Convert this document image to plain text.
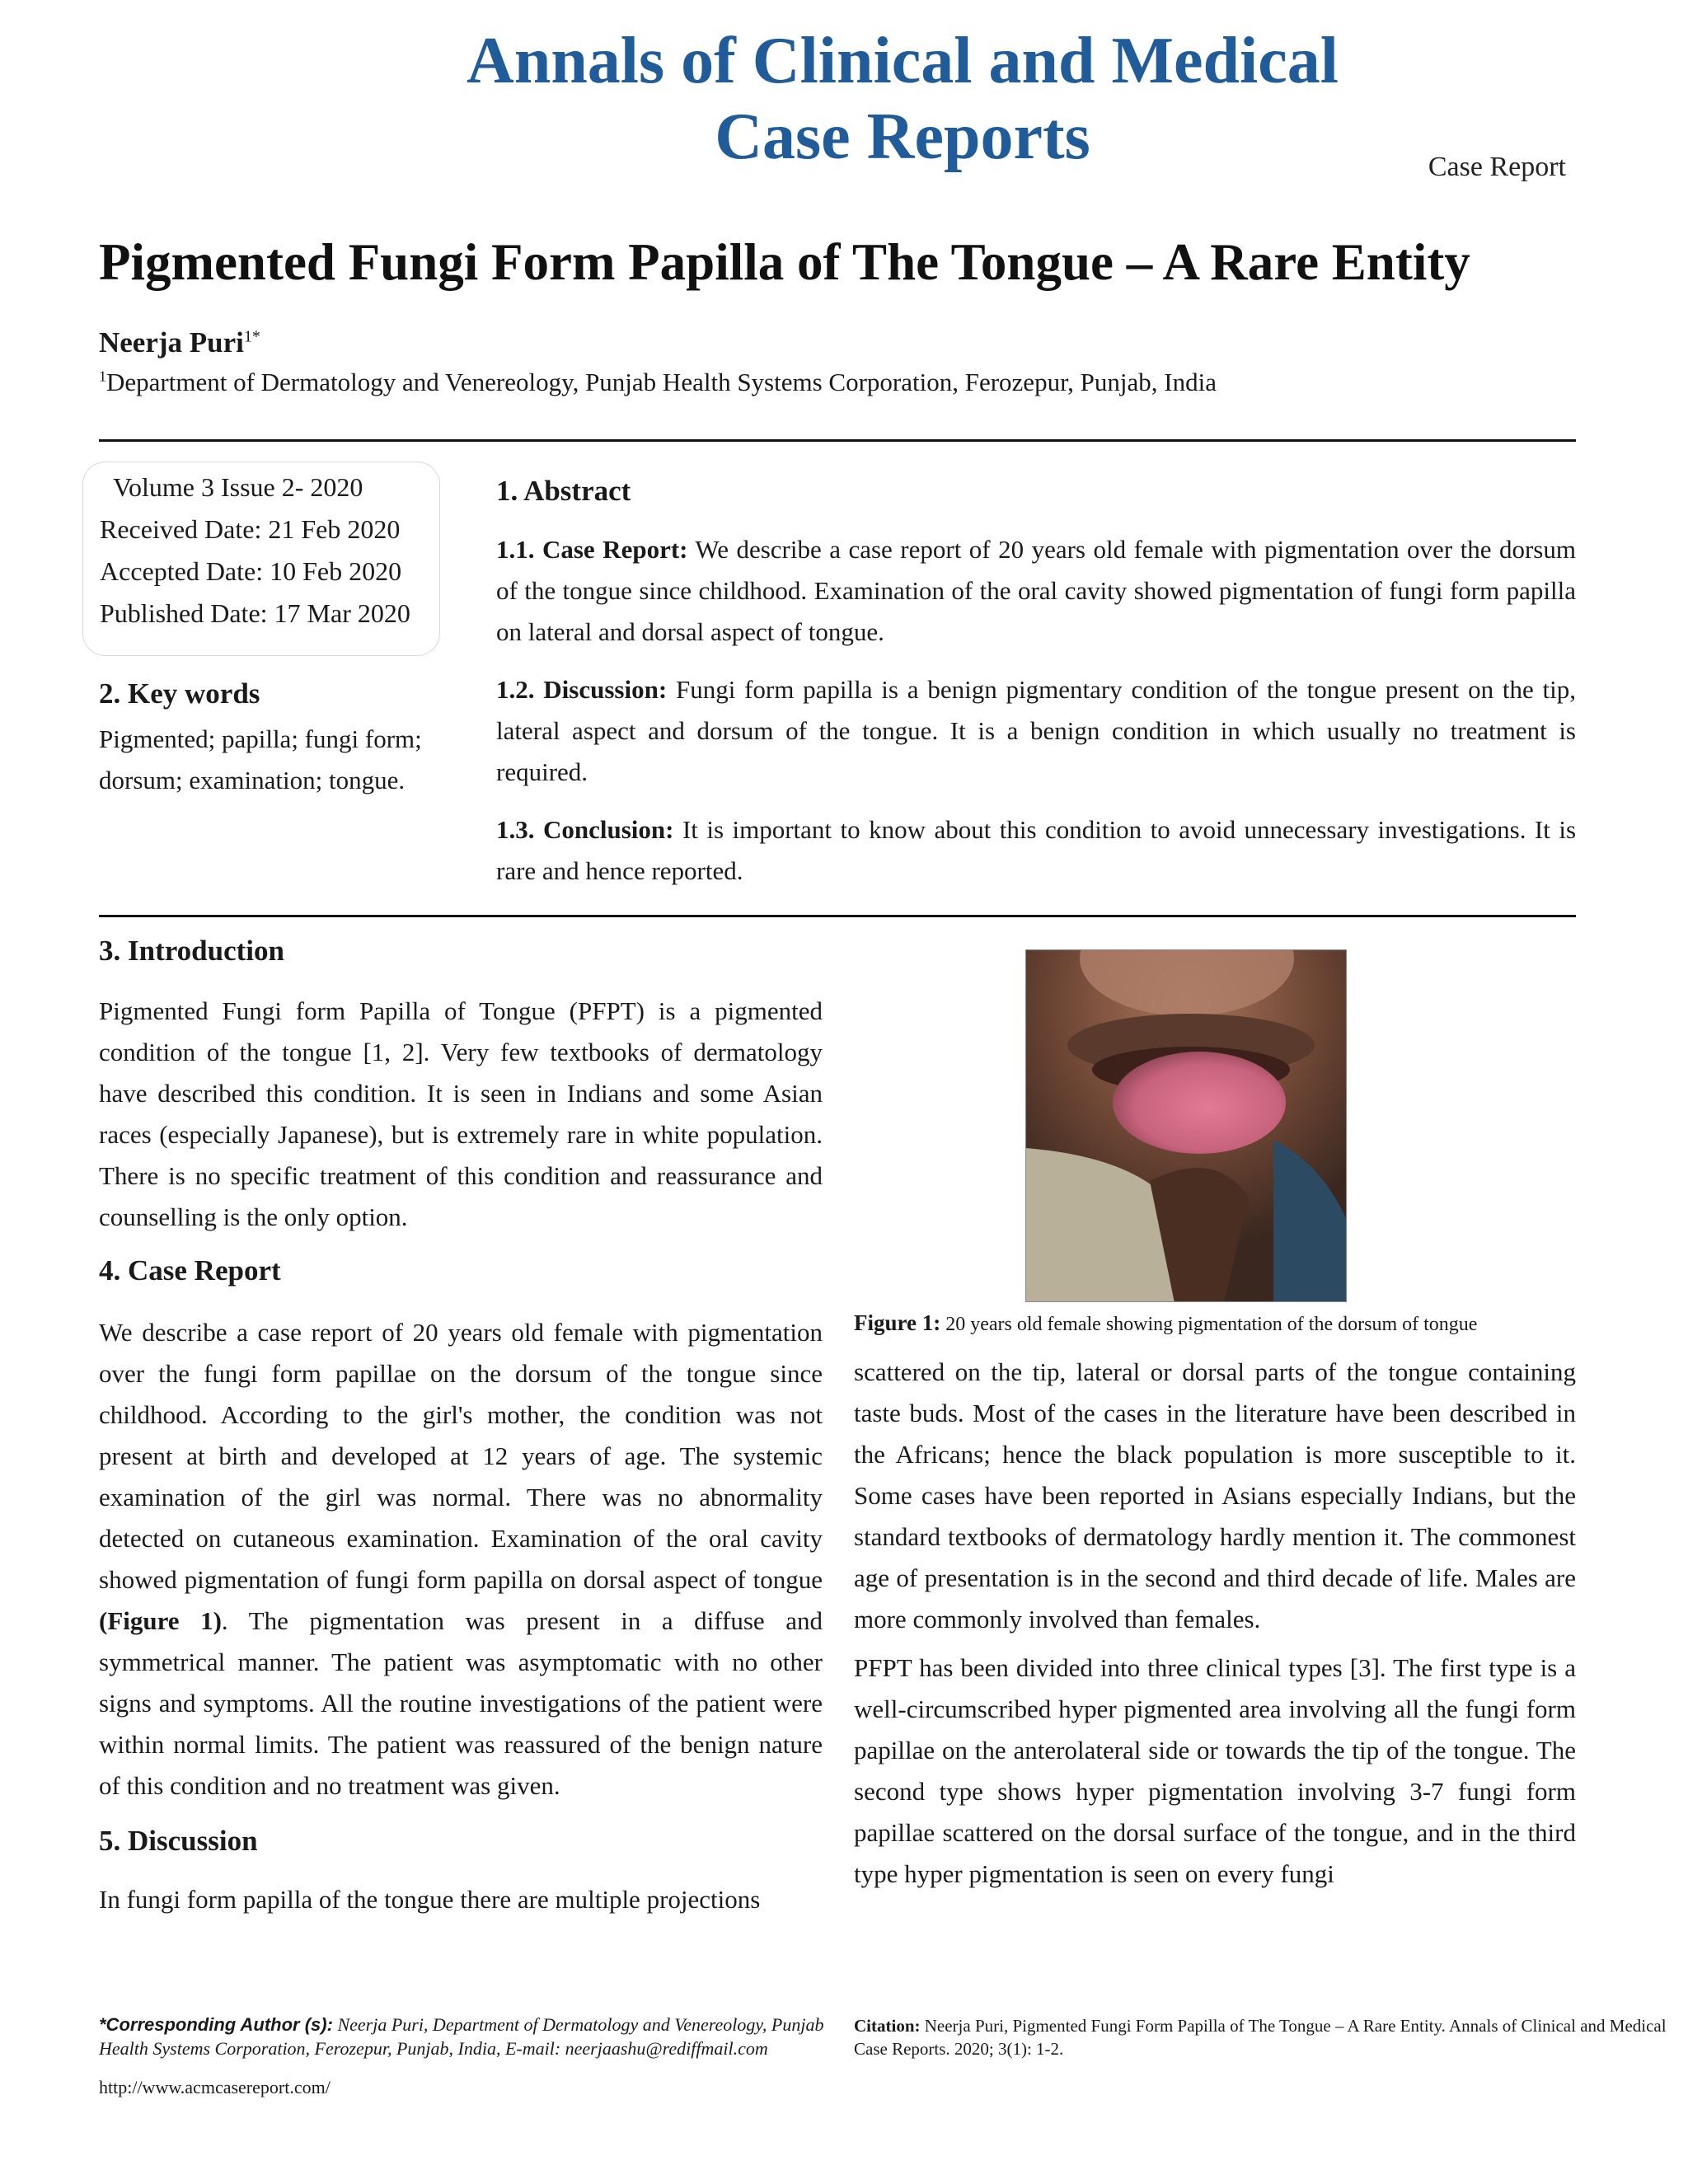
Annals of Clinical and Medical
Case Reports	Case Report
Pigmented Fungi Form Papilla of The Tongue – A Rare Entity
Neerja Puri$^{1*}$
$^1$Department of Dermatology and Venereology, Punjab Health Systems Corporation, Ferozepur, Punjab, India
Volume 3 Issue 2- 2020
Received Date: 21 Feb 2020
Accepted Date: 10 Feb 2020
Published Date: 17 Mar 2020
2. Key words
Pigmented; papilla; fungi form;
dorsum; examination; tongue.
1. Abstract
1.1. Case Report: We describe a case report of 20 years old female with pigmentation over the dorsum of the tongue since childhood. Examination of the oral cavity showed pigmentation of fungi form papilla on lateral and dorsal aspect of tongue.
1.2. Discussion: Fungi form papilla is a benign pigmentary condition of the tongue present on the tip, lateral aspect and dorsum of the tongue. It is a benign condition in which usually no treatment is required.
1.3. Conclusion: It is important to know about this condition to avoid unnecessary investigations. It is rare and hence reported.
3. Introduction
Pigmented Fungi form Papilla of Tongue (PFPT) is a pigmented condition of the tongue [1, 2]. Very few textbooks of dermatology have described this condition. It is seen in Indians and some Asian races (especially Japanese), but is extremely rare in white population. There is no specific treatment of this condition and reassurance and counselling is the only option.
4. Case Report
We describe a case report of 20 years old female with pigmentation over the fungi form papillae on the dorsum of the tongue since childhood. According to the girl's mother, the condition was not present at birth and developed at 12 years of age. The systemic examination of the girl was normal. There was no abnormality detected on cutaneous examination. Examination of the oral cavity showed pigmentation of fungi form papilla on dorsal aspect of tongue (Figure 1). The pigmentation was present in a diffuse and symmetrical manner. The patient was asymptomatic with no other signs and symptoms. All the routine investigations of the patient were within normal limits. The patient was reassured of the benign nature of this condition and no treatment was given.
5. Discussion
In fungi form papilla of the tongue there are multiple projections
Figure 1: 20 years old female showing pigmentation of the dorsum of tongue
scattered on the tip, lateral or dorsal parts of the tongue containing taste buds. Most of the cases in the literature have been described in the Africans; hence the black population is more susceptible to it. Some cases have been reported in Asians especially Indians, but the standard textbooks of dermatology hardly mention it. The commonest age of presentation is in the second and third decade of life. Males are more commonly involved than females.
PFPT has been divided into three clinical types [3]. The first type is a well-circumscribed hyper pigmented area involving all the fungi form papillae on the anterolateral side or towards the tip of the tongue. The second type shows hyper pigmentation involving 3-7 fungi form papillae scattered on the dorsal surface of the tongue, and in the third type hyper pigmentation is seen on every fungi
*Corresponding Author (s): Neerja Puri, Department of Dermatology and Venereology, Punjab Health Systems Corporation, Ferozepur, Punjab, India, E-mail: neerjaashu@rediffmail.com
Citation: Neerja Puri, Pigmented Fungi Form Papilla of The Tongue – A Rare Entity. Annals of Clinical and Medical Case Reports. 2020; 3(1): 1-2.
http://www.acmcasereport.com/
